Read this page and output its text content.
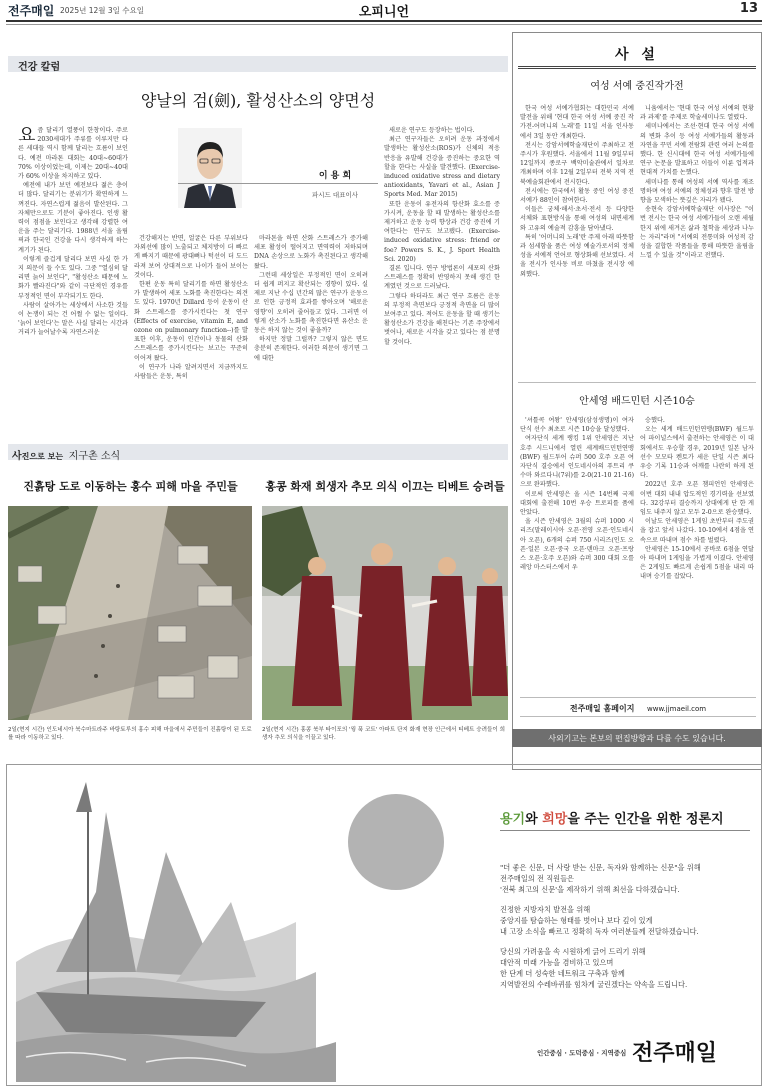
전주매일 2025년 12월 3일 수요일	오피니언	13
건강 칼럼
양날의 검(劍), 활성산소의 양면성
이 용 희
파시드 대표이사
요 즘 달리기 열풍이 한창이다. 주로 2030세대가 주류를 이루지만 다른 세대들 역시 함께 달리는 흐름이 보인다. 예전 마라톤 대회는 40대~60대가 70% 이상이었는데, 이제는 20대~40대가 60% 이상을 차지하고 있다.

예전에 내가 보던 예전보다 젊은 층이 더 많다. 달리기는 분위기가 확연하게 느껴진다. 자연스럽게 젊음이 발산된다. 그 자체만으로도 기분이 좋아진다. 인생 활력이 점점을 보인다고 생각해 강렬한 여운을 주는 달리기다. 1988년 서울 올림픽과 한국인 건강을 다시 생각하게 하는 계기가 된다.

이렇게 즐겁게 달리다 보면 사실 한 가지 의문이 들 수도 있다. 그중 "열심히 달리면 늙어 보인다", "활성산소 때문에 노화가 빨라진다"와 같이 극단적인 경우를 부정적인 면이 부각되기도 한다.

사람이 살아가는 세상에서 사소한 것들이 논쟁이 되는 건 어쩔 수 없는 일이다. '늙어 보인다'는 말은 사실 달리는 시간과 거리가 늘어날수록 자연스러운

건강해지는 반면, 얼굴은 다른 부위보다 자외선에 많이 노출되고 체지방이 더 빠르게 빠지기 때문에 광대뼈나 턱선이 더 도드라져 보여 상대적으로 나이가 들어 보이는 것이다.

한편 운동 특히 달리기를 하면 활성산소가 발생하여 세포 노화를 촉진한다는 의견도 있다. 1970년 Dillard 등이 운동이 산화 스트레스를 증가시킨다는 첫 연구(Effects of exercise, vitamin E, and ozone on pulmonary function--)를 발표한 이후, 운동이 인간이나 동물의 산화 스트레스를 증가시킨다는 보고는 꾸준히 이어져 왔다.

이 연구가 나라 알려지면서 지금까지도 사람들은 운동, 특히

마라톤을 하면 산화 스트레스가 증가해 세포 활성이 떨어지고 면역력이 저하되며 DNA 손상으로 노화가 촉진된다고 생각해 왔다.

그런데 세상일은 부정적인 면이 오히려 더 쉽게 퍼지고 확산되는 경향이 있다. 실제로 지난 수십 년간의 많은 연구가 운동으로 인한 긍정적 효과를 쌓아오며 '해로운 영향'이 오히려 줄어들고 있다. 그러면 이렇게 산소가 노화를 촉진한다면 유산소 운동은 하지 않는 것이 좋을까?

하지만 정말 그럴까? 그렇지 않은 면도 충분히 존재한다. 이러한 의문이 생기면 그에 대한

새로운 연구도 등장하는 법이다.

최근 연구자들은 오히려 운동 과정에서 발생하는 활성산소(ROS)가 신체의 적응 반응을 유발해 건강을 증진하는 중요한 역할을 한다는 사실을 발견했다. (Exercise-induced oxidative stress and dietary antioxidants, Yavari et al., Asian J Sports Med. Mar 2015)

또한 운동이 유전자의 항산화 효소를 증가시켜, 운동을 할 때 발생하는 활성산소를 제거하고 운동 능력 향상과 건강 증진에 기여한다는 연구도 보고됐다. (Exercise-induced oxidative stress: friend or foe? Powers S. K., J. Sport Health Sci. 2020)

결론 입니다. 연구 방법론이 세포의 산화 스트레스를 정확히 반영하지 못해 생긴 한계였던 것으로 드러났다.

그렇다 하더라도 최근 연구 흐름은 운동의 부정적 측면보다 긍정적 측면을 더 많이 보여주고 있다. 적어도 운동을 할 때 생기는 활성산소가 건강을 해친다는 기존 주장에서 벗어나, 새로운 시각을 갖고 있다는 점 분명할 것이다.

사 설
여성 서예 중진작가전

한국 여성 서예가협회는 대한민국 서예 발전을 위해 '현대 한국 여성 서예 중진 작가전-어머니의 노래'를 11일 서울 인사동에서 3일 동안 개최한다.

전시는 강암서예학술재단이 주최하고 전주시가 후원했다. 서울에서 11월 9일부터 12일까지 종로구 백악미술관에서 일차로 개최하며 이후 12월 2일부터 전북 지역 전북예술회관에서 전시한다.

전시에는 한국에서 활동 중인 여성 중진 서예가 88인이 참여한다.

이들은 궁체·해서·초서·전서 등 다양한 서체와 표현방식을 통해 여성의 내면세계와 고유의 예술적 감흥을 담아냈다.

특히 '어머니의 노래'란 주제 아래 따뜻함과 섬세함을 품은 여성 예술가로서의 정체성을 서예적 언어로 형상화해 선보였다. 서울 전시가 인사동 비로 마쳤을 전시장 에 외했다.

니움에서는 '현대 한국 여성 서예의 현황과 과제'를 주제로 학술세미나도 열렸다.

세미나에서는 조선·현대 한국 여성 서예의 변화 추이 등 여성 서예가들의 활동과 자연을 꾸민 서예 전람회 관련 여러 논의를 했다. 한 신시대에 한국 여성 서예가들에 연구 논문을 발표하고 이들이 이룬 업적과 현대적 가치를 논했다.

세미나를 통해 여성의 서예 역사를 재조명하며 여성 서예의 정체성과 향후 발전 방향을 모색하는 뜻깊은 자리가 됐다.

송현숙 강암서예학술재단 이사장은 "이번 전시는 한국 여성 서예가들이 오랜 세월 한지 위에 새겨온 삶과 철학을 세상과 나누는 자리"라며 "서예의 전통미와 여성적 감성을 결합한 작품들을 통해 따뜻한 울림을 느낄 수 있을 것"이라고 전했다.

안세영 배드민턴 시즌10승

'셔틀콕 여왕' 안세영(삼성생명)이 여자단식 선수 최초로 시즌 10승을 달성했다.

여자단식 세계 랭킹 1위 안세영은 지난 호주 시드니에서 열린 세계배드민턴연맹(BWF) 월드투어 슈퍼 500 호주 오픈 여자단식 결승에서 인도네시아의 푸트리 쿠수마 와르다니(7위)를 2-0(21-10 21-16)으로 완파했다.

이로써 안세영은 올 시즌 14번째 국제 대회에 출전해 10번 우승 트로피를 품에 안았다.

올 시즌 안세영은 3월의 슈퍼 1000 시리즈(말레이시아 오픈·전영 오픈·인도네시아 오픈), 6개의 슈퍼 750 시리즈(인도 오픈·일본 오픈·중국 오픈·덴마크 오픈·프랑스 오픈·호주 오픈)와 슈퍼 300 대회 오를레앙 마스터스에서 우

승했다.

오는 세계 배드민턴연맹(BWF) 월드투어 파이널스에서 출전하는 안세영은 이 대회에서도 우승할 경우, 2019년 일본 남자 선수 모모타 켄토가 세운 단일 시즌 최다 우승 기록 11승과 어깨를 나란히 하게 된다.

2022년 호주 오픈 챔피언인 안세영은 이번 대회 내내 압도적인 경기력을 선보였다. 32강부터 결승까지 상대에게 단 한 게임도 내주지 않고 모두 2-0으로 완승했다.

이날도 안세영은 1게임 초반부터 주도권을 잡고 앞서 나갔다. 10-10에서 4점을 연속으로 따내며 점수 차를 벌렸다.

안세영은 15-10에서 공바로 6점을 연달아 따내며 1게임을 가볍게 이겼다. 안세영은 2게임도 빠르게 손쉽게 5점을 내리 따내며 승기를 잡았다.

전주매일 홈페이지 www.jjmaeil.com
사외기고는 본보의 편집방향과 다를 수도 있습니다.
사진으로 보는 지구촌 소식
진흙탕 도로 이동하는 홍수 피해 마을 주민들	홍콩 화재 희생자 추모 의식 이끄는 티베트 승려들
2일(현지 시간) 인도네시아 북수마트라주 바탕토루의 홍수 피해 마을에서 주민들이 진흙탕이 된 도로를 따라 이동하고 있다.
2일(현지 시간) 홍콩 북부 타이포의 '웡 푹 코트' 아파트 단지 화재 현장 인근에서 티베트 승려들이 희생자 추모 의식을 이끌고 있다.
용기와 희망을 주는 인간을 위한 정론지
"더 좋은 신문, 더 사랑 받는 신문, 독자와 함께하는 신문"을 위해
전주매일의 전 직원들은
'전북 최고의 신문'을 제작하기 위해 최선을 다하겠습니다.
진정한 지방자치 발전을 위해
중앙지를 탐습하는 형태를 벗어나 보다 깊이 있게
내 고장 소식을 빠르고 정확히 독자 여러분들께 전달하겠습니다.
당신의 가려움을 속 시원하게 긁어 드리기 위해
대안적 미래 가능을 겸비하고 있으며
한 단계 더 성숙한 네트워크 구축과 함께
지역발전의 수레바퀴를 힘차게 굴린겠다는 약속을 드립니다.
인간중심 · 도덕중심 · 지역중심 전주매일
